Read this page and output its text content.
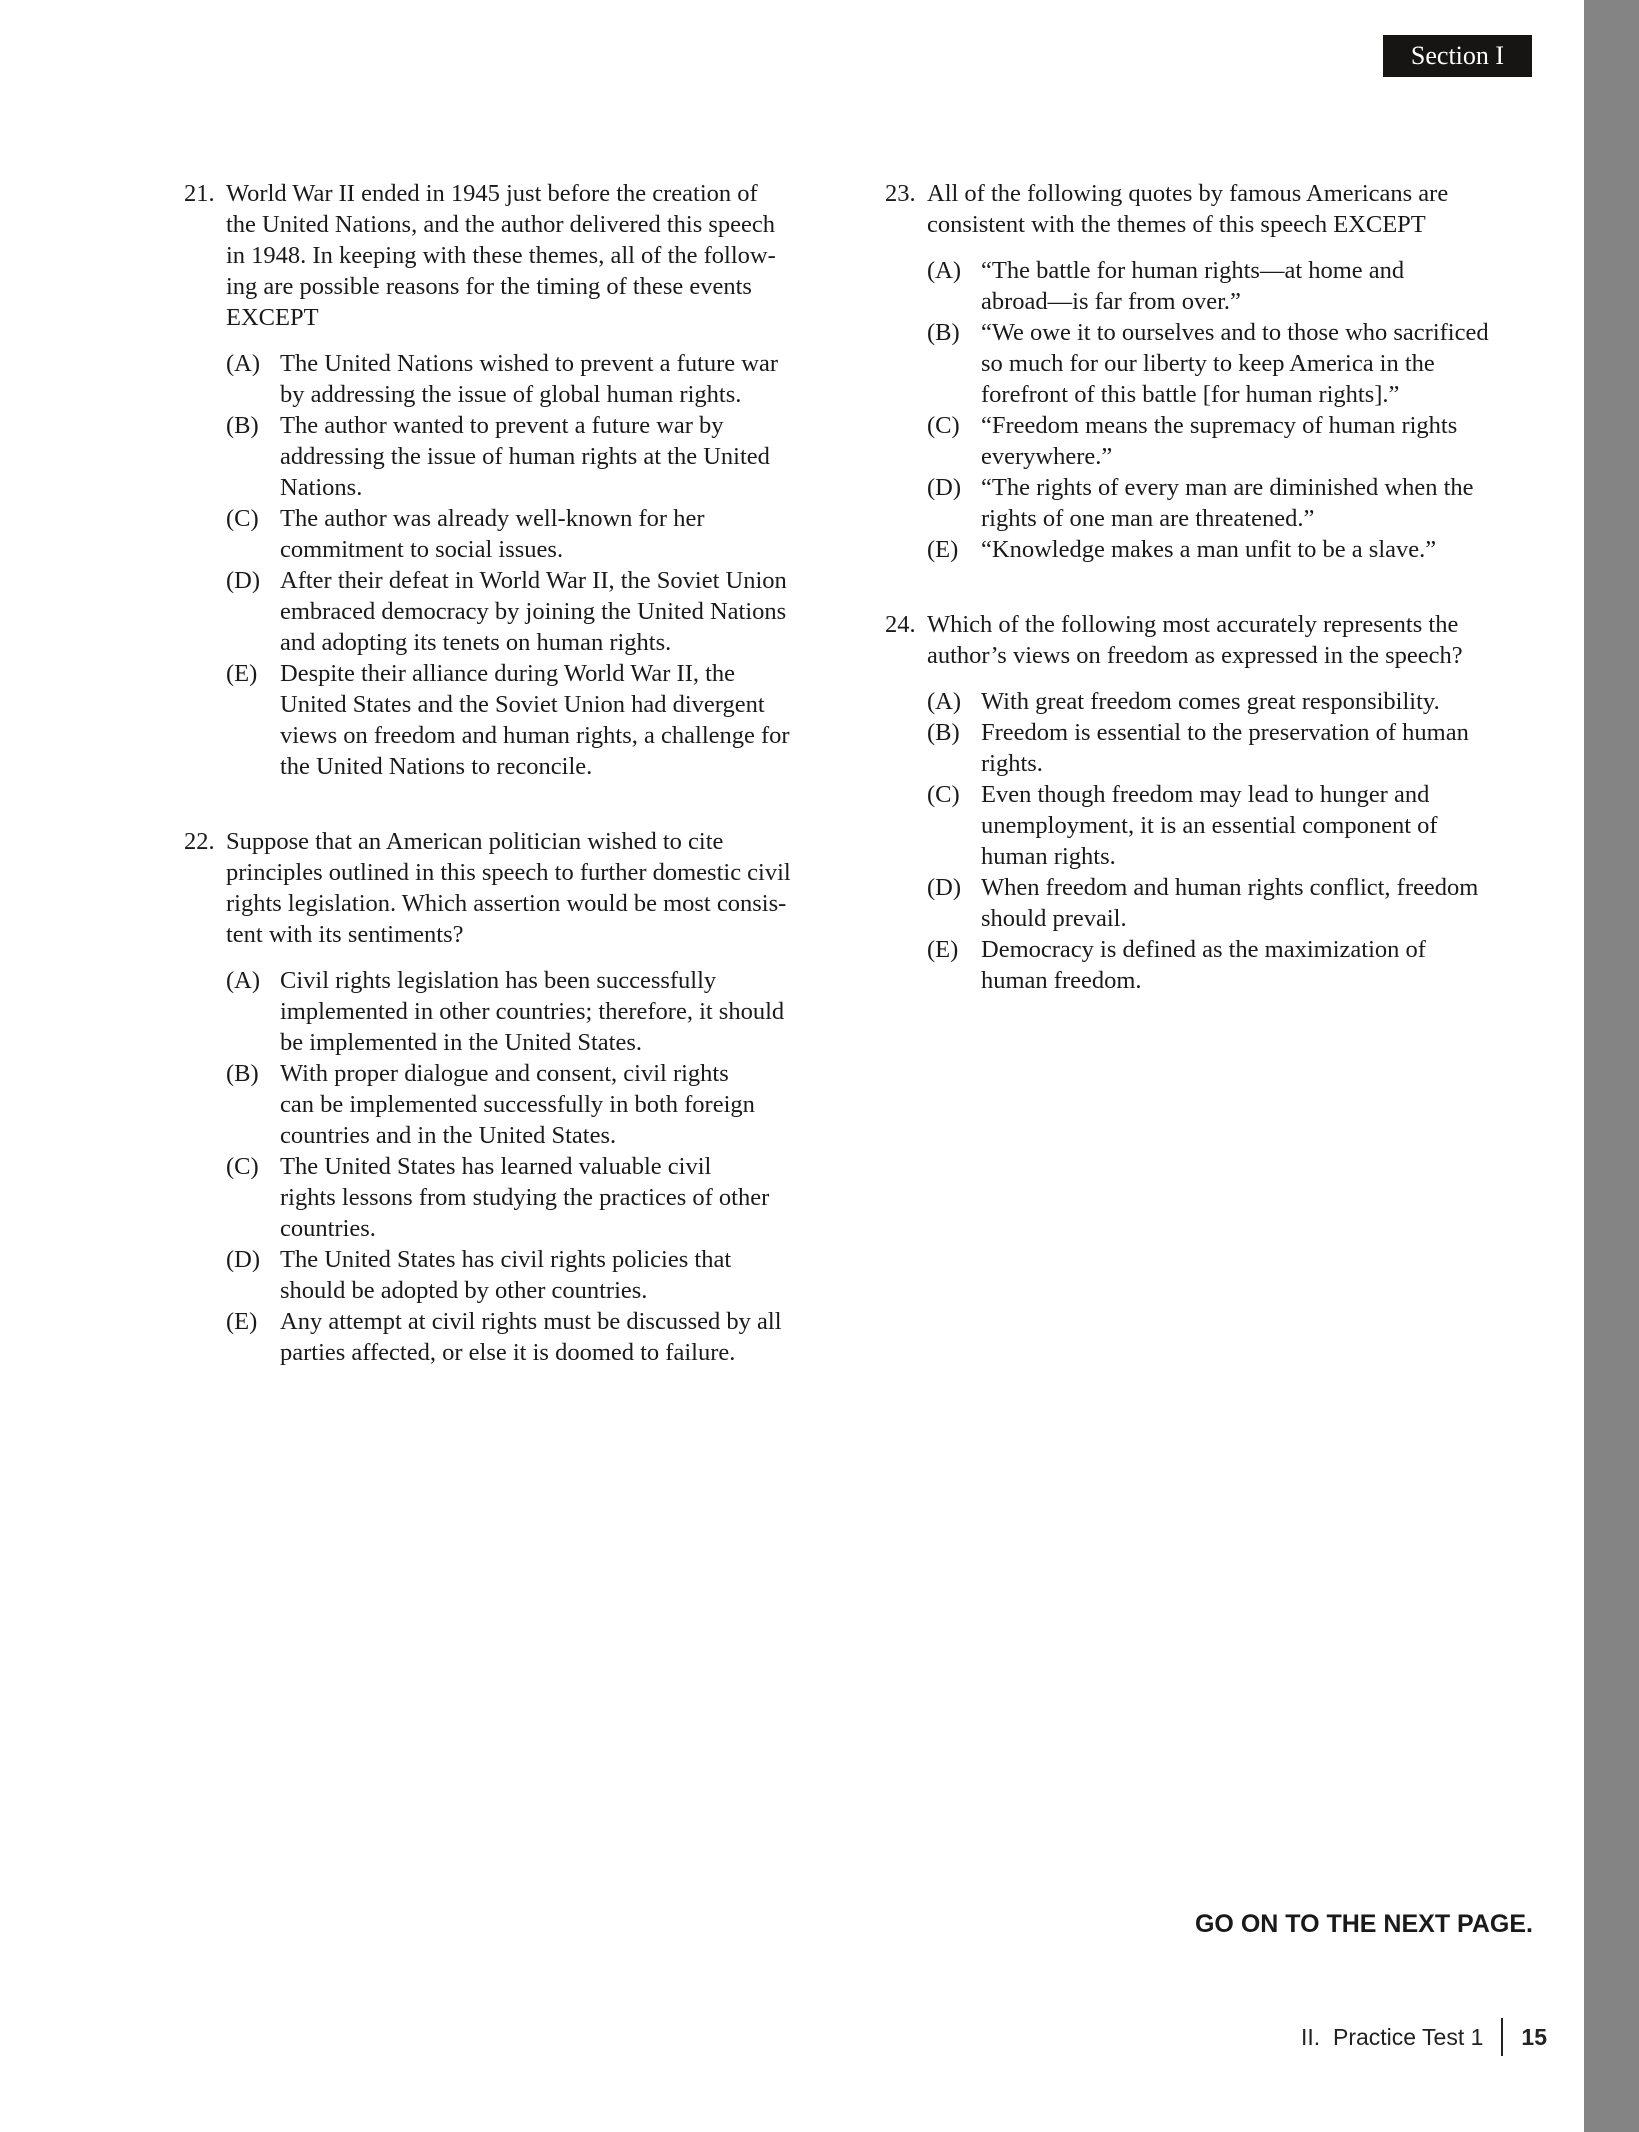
Section I
21. World War II ended in 1945 just before the creation of
the United Nations, and the author delivered this speech
in 1948. In keeping with these themes, all of the follow-
ing are possible reasons for the timing of these events
EXCEPT
(A) The United Nations wished to prevent a future war
by addressing the issue of global human rights.
(B) The author wanted to prevent a future war by
addressing the issue of human rights at the United
Nations.
(C) The author was already well-known for her
commitment to social issues.
(D) After their defeat in World War II, the Soviet Union
embraced democracy by joining the United Nations
and adopting its tenets on human rights.
(E) Despite their alliance during World War II, the
United States and the Soviet Union had divergent
views on freedom and human rights, a challenge for
the United Nations to reconcile.
22. Suppose that an American politician wished to cite
principles outlined in this speech to further domestic civil
rights legislation. Which assertion would be most consis-
tent with its sentiments?
(A) Civil rights legislation has been successfully
implemented in other countries; therefore, it should
be implemented in the United States.
(B) With proper dialogue and consent, civil rights
can be implemented successfully in both foreign
countries and in the United States.
(C) The United States has learned valuable civil
rights lessons from studying the practices of other
countries.
(D) The United States has civil rights policies that
should be adopted by other countries.
(E) Any attempt at civil rights must be discussed by all
parties affected, or else it is doomed to failure.
23. All of the following quotes by famous Americans are
consistent with the themes of this speech EXCEPT
(A) “The battle for human rights—at home and
abroad—is far from over.”
(B) “We owe it to ourselves and to those who sacrificed
so much for our liberty to keep America in the
forefront of this battle [for human rights].”
(C) “Freedom means the supremacy of human rights
everywhere.”
(D) “The rights of every man are diminished when the
rights of one man are threatened.”
(E) “Knowledge makes a man unfit to be a slave.”
24. Which of the following most accurately represents the
author’s views on freedom as expressed in the speech?
(A) With great freedom comes great responsibility.
(B) Freedom is essential to the preservation of human
rights.
(C) Even though freedom may lead to hunger and
unemployment, it is an essential component of
human rights.
(D) When freedom and human rights conflict, freedom
should prevail.
(E) Democracy is defined as the maximization of
human freedom.
GO ON TO THE NEXT PAGE.
II.  Practice Test 1 15
